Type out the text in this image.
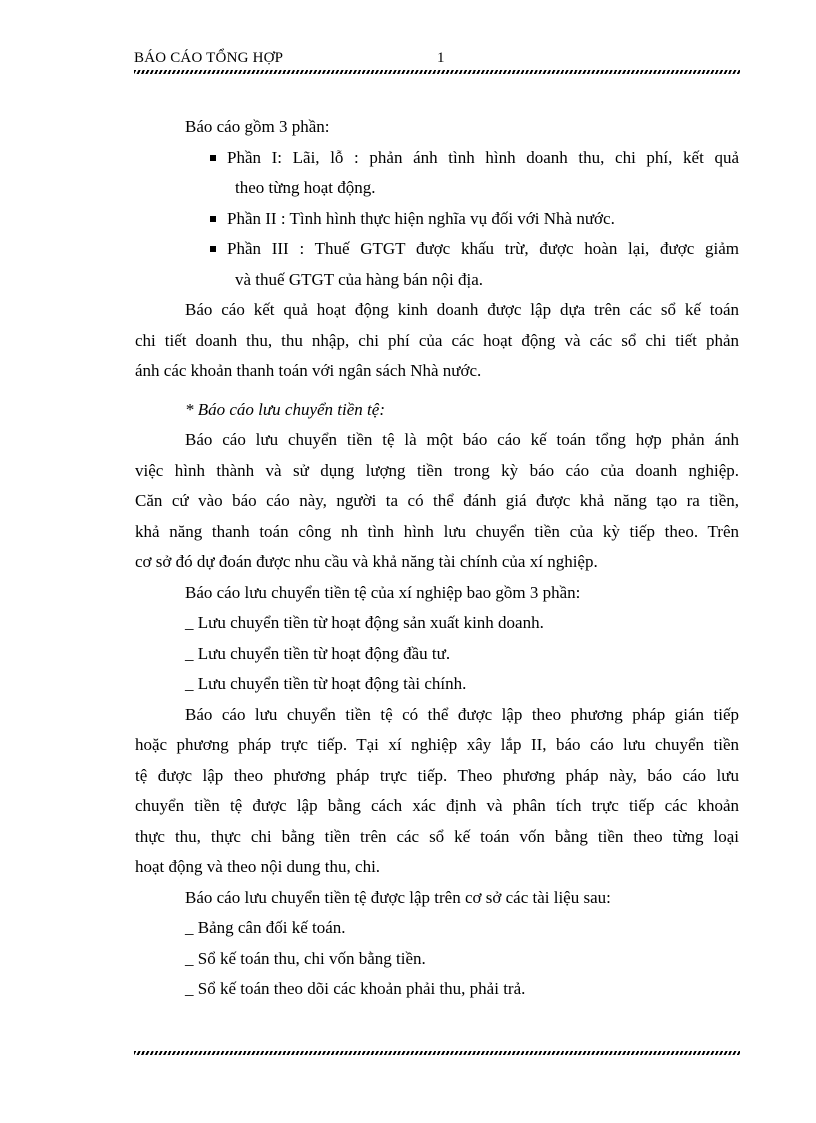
BÁO CÁO TỔNG HỢP	1

Báo cáo gồm 3 phần:

Phần I: Lãi, lỗ : phản ánh tình hình doanh thu, chi phí, kết quả
theo từng hoạt động.
Phần II : Tình hình thực hiện nghĩa vụ đối với Nhà nước.
Phần III : Thuế GTGT được khấu trừ, được hoàn lại, được giảm
và thuế GTGT của hàng bán nội địa.

Báo cáo kết quả hoạt động kinh doanh được lập dựa trên các sổ kế toán

chi tiết doanh thu, thu nhập, chi phí của các hoạt động và các sổ chi tiết phản

ánh các khoản thanh toán với ngân sách Nhà nước.

* Báo cáo lưu chuyển tiền tệ:

Báo cáo lưu chuyển tiền tệ là một báo cáo kế toán tổng hợp phản ánh

việc hình thành và sử dụng lượng tiền trong kỳ báo cáo của doanh nghiệp.

Căn cứ vào báo cáo này, người ta có thể đánh giá được khả năng tạo ra tiền,

khả năng thanh toán công nh tình hình lưu chuyển tiền của kỳ tiếp theo. Trên

cơ sở đó dự đoán được nhu cầu và khả năng tài chính của xí nghiệp.

Báo cáo lưu chuyển tiền tệ của xí nghiệp bao gồm 3 phần:

_ Lưu chuyển tiền từ hoạt động sản xuất kinh doanh.

_ Lưu chuyển tiền từ hoạt động đầu tư.

_ Lưu chuyển tiền từ hoạt động tài chính.

Báo cáo lưu chuyển tiền tệ có thể được lập theo phương pháp gián tiếp

hoặc phương pháp trực tiếp. Tại xí nghiệp xây lắp II, báo cáo lưu chuyển tiền

tệ được lập theo phương pháp trực tiếp. Theo phương pháp này, báo cáo lưu

chuyển tiền tệ được lập bằng cách xác định và phân tích trực tiếp các khoản

thực thu, thực chi bằng tiền trên các sổ kế toán vốn bằng tiền theo từng loại

hoạt động và theo nội dung thu, chi.

Báo cáo lưu chuyển tiền tệ được lập trên cơ sở các tài liệu sau:

_ Bảng cân đối kế toán.

_ Sổ kế toán thu, chi vốn bằng tiền.

_ Sổ kế toán theo dõi các khoản phải thu, phải trả.
